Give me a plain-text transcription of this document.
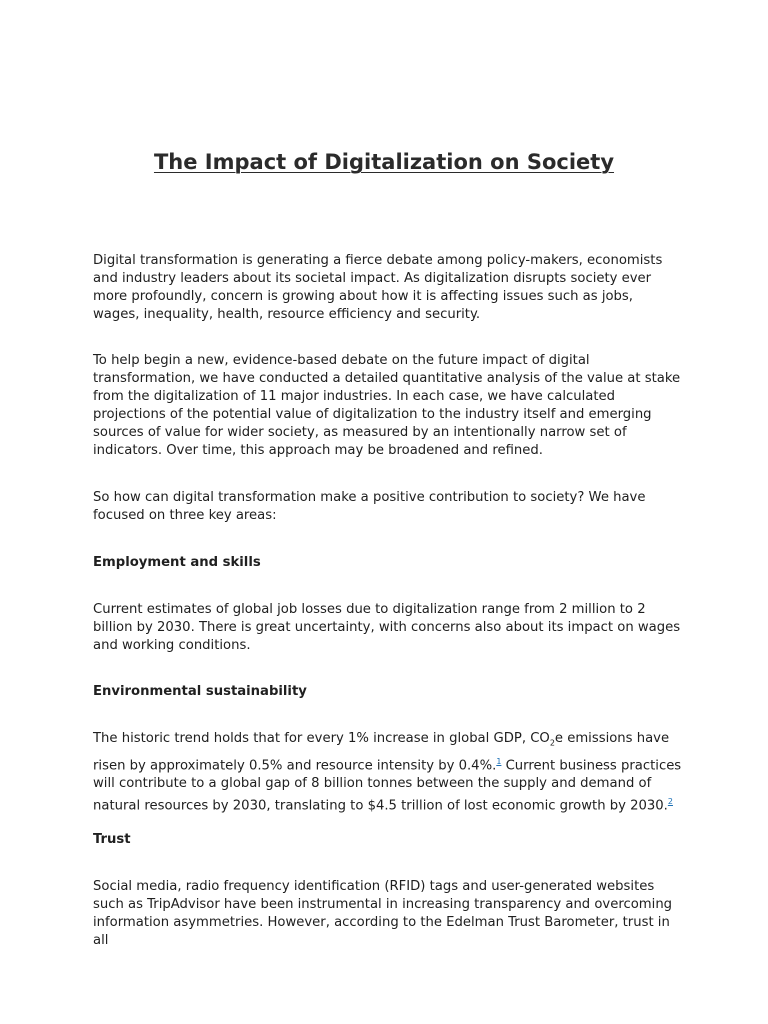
The Impact of Digitalization on Society

Digital transformation is generating a fierce debate among policy-makers, economists and industry leaders about its societal impact. As digitalization disrupts society ever more profoundly, concern is growing about how it is affecting issues such as jobs, wages, inequality, health, resource efficiency and security.

To help begin a new, evidence-based debate on the future impact of digital transformation, we have conducted a detailed quantitative analysis of the value at stake from the digitalization of 11 major industries. In each case, we have calculated projections of the potential value of digitalization to the industry itself and emerging sources of value for wider society, as measured by an intentionally narrow set of indicators. Over time, this approach may be broadened and refined.

So how can digital transformation make a positive contribution to society? We have focused on three key areas:

Employment and skills

Current estimates of global job losses due to digitalization range from 2 million to 2 billion by 2030. There is great uncertainty, with concerns also about its impact on wages and working conditions.

Environmental sustainability

The historic trend holds that for every 1% increase in global GDP, $CO_2e$ emissions have risen by approximately 0.5% and resource intensity by 0.4%.$^1$ Current business practices will contribute to a global gap of 8 billion tonnes between the supply and demand of natural resources by 2030, translating to $4.5 trillion of lost economic growth by 2030.$^2$

Trust

Social media, radio frequency identification (RFID) tags and user-generated websites such as TripAdvisor have been instrumental in increasing transparency and overcoming information asymmetries. However, according to the Edelman Trust Barometer, trust in all
